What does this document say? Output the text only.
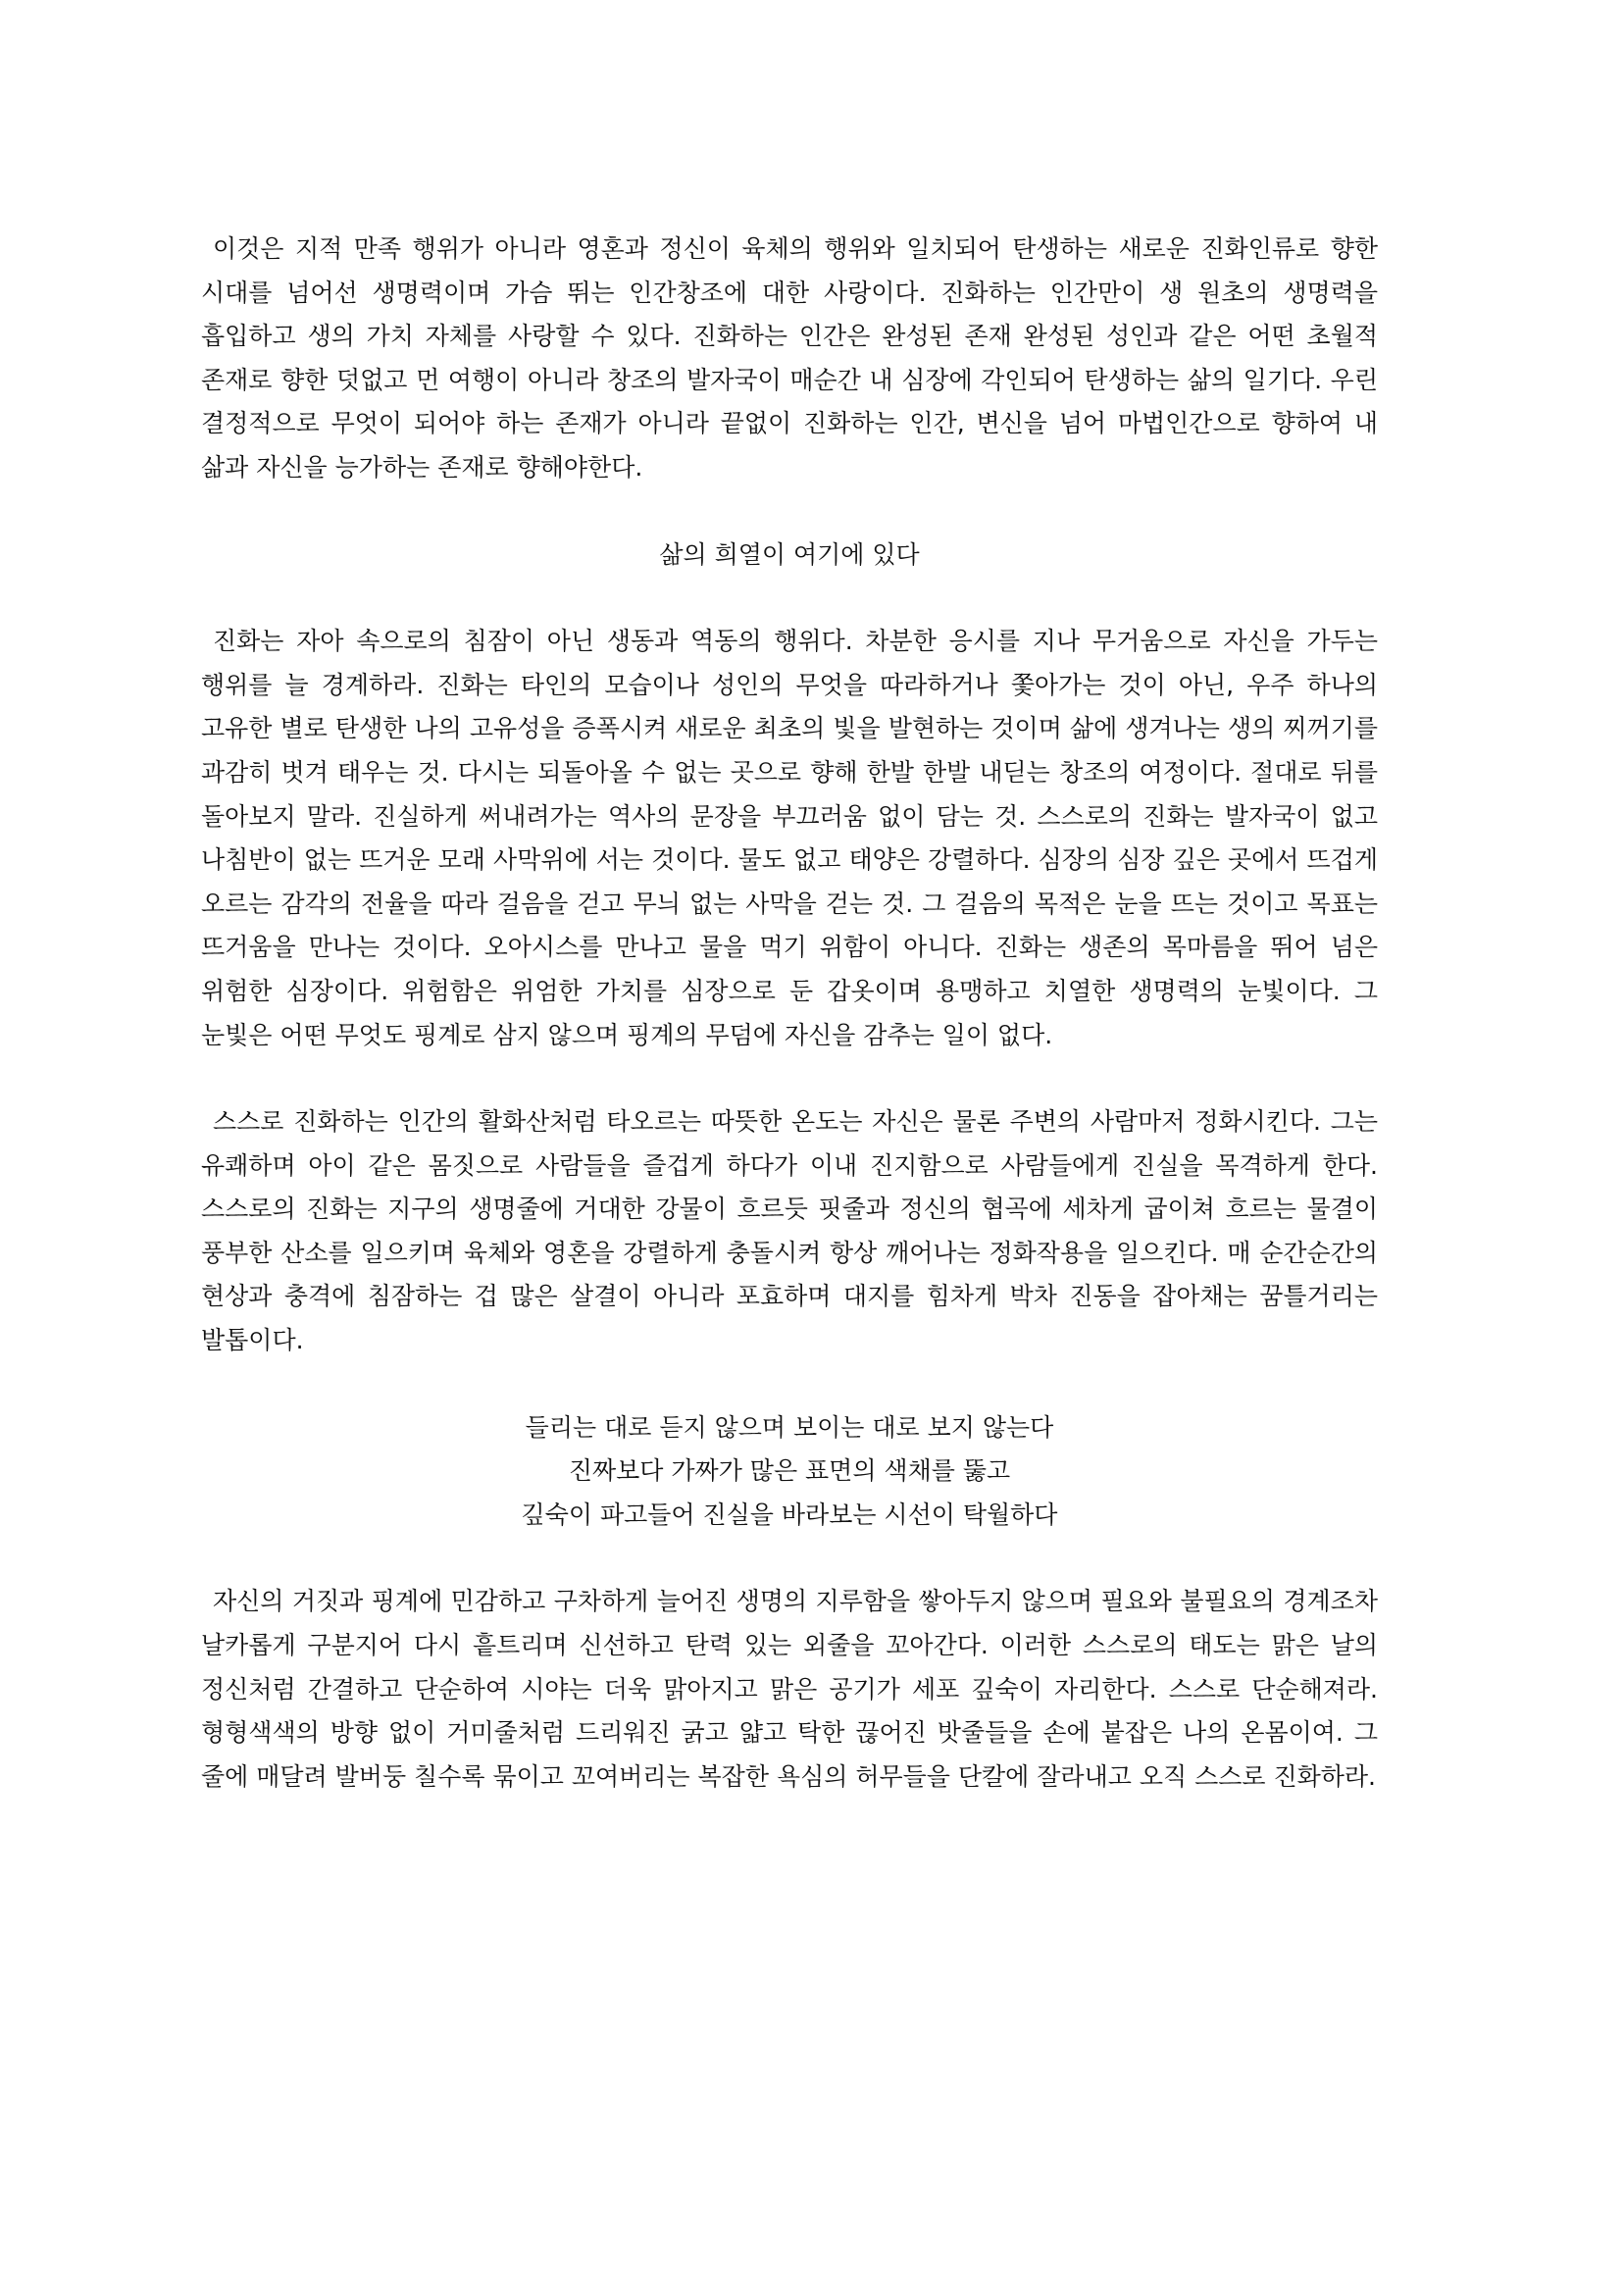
이것은 지적 만족 행위가 아니라 영혼과 정신이 육체의 행위와 일치되어 탄생하는 새로운 진화인류로 향한 시대를 넘어선 생명력이며 가슴 뛰는 인간창조에 대한 사랑이다. 진화하는 인간만이 생 원초의 생명력을 흡입하고 생의 가치 자체를 사랑할 수 있다. 진화하는 인간은 완성된 존재 완성된 성인과 같은 어떤 초월적 존재로 향한 덧없고 먼 여행이 아니라 창조의 발자국이 매순간 내 심장에 각인되어 탄생하는 삶의 일기다. 우린 결정적으로 무엇이 되어야 하는 존재가 아니라 끝없이 진화하는 인간, 변신을 넘어 마법인간으로 향하여 내 삶과 자신을 능가하는 존재로 향해야한다.

삶의 희열이 여기에 있다

진화는 자아 속으로의 침잠이 아닌 생동과 역동의 행위다. 차분한 응시를 지나 무거움으로 자신을 가두는 행위를 늘 경계하라. 진화는 타인의 모습이나 성인의 무엇을 따라하거나 쫓아가는 것이 아닌, 우주 하나의 고유한 별로 탄생한 나의 고유성을 증폭시켜 새로운 최초의 빛을 발현하는 것이며 삶에 생겨나는 생의 찌꺼기를 과감히 벗겨 태우는 것. 다시는 되돌아올 수 없는 곳으로 향해 한발 한발 내딛는 창조의 여정이다. 절대로 뒤를 돌아보지 말라. 진실하게 써내려가는 역사의 문장을 부끄러움 없이 담는 것. 스스로의 진화는 발자국이 없고 나침반이 없는 뜨거운 모래 사막위에 서는 것이다. 물도 없고 태양은 강렬하다. 심장의 심장 깊은 곳에서 뜨겁게 오르는 감각의 전율을 따라 걸음을 걷고 무늬 없는 사막을 걷는 것. 그 걸음의 목적은 눈을 뜨는 것이고 목표는 뜨거움을 만나는 것이다. 오아시스를 만나고 물을 먹기 위함이 아니다. 진화는 생존의 목마름을 뛰어 넘은 위험한 심장이다. 위험함은 위엄한 가치를 심장으로 둔 갑옷이며 용맹하고 치열한 생명력의 눈빛이다. 그 눈빛은 어떤 무엇도 핑계로 삼지 않으며 핑계의 무덤에 자신을 감추는 일이 없다.

스스로 진화하는 인간의 활화산처럼 타오르는 따뜻한 온도는 자신은 물론 주변의 사람마저 정화시킨다. 그는 유쾌하며 아이 같은 몸짓으로 사람들을 즐겁게 하다가 이내 진지함으로 사람들에게 진실을 목격하게 한다. 스스로의 진화는 지구의 생명줄에 거대한 강물이 흐르듯 핏줄과 정신의 협곡에 세차게 굽이쳐 흐르는 물결이 풍부한 산소를 일으키며 육체와 영혼을 강렬하게 충돌시켜 항상 깨어나는 정화작용을 일으킨다. 매 순간순간의 현상과 충격에 침잠하는 겁 많은 살결이 아니라 포효하며 대지를 힘차게 박차 진동을 잡아채는 꿈틀거리는 발톱이다.

들리는 대로 듣지 않으며 보이는 대로 보지 않는다
진짜보다 가짜가 많은 표면의 색채를 뚫고
깊숙이 파고들어 진실을 바라보는 시선이 탁월하다

자신의 거짓과 핑계에 민감하고 구차하게 늘어진 생명의 지루함을 쌓아두지 않으며 필요와 불필요의 경계조차 날카롭게 구분지어 다시 흩트리며 신선하고 탄력 있는 외줄을 꼬아간다. 이러한 스스로의 태도는 맑은 날의 정신처럼 간결하고 단순하여 시야는 더욱 맑아지고 맑은 공기가 세포 깊숙이 자리한다. 스스로 단순해져라. 형형색색의 방향 없이 거미줄처럼 드리워진 굵고 얇고 탁한 끊어진 밧줄들을 손에 붙잡은 나의 온몸이여. 그 줄에 매달려 발버둥 칠수록 묶이고 꼬여버리는 복잡한 욕심의 허무들을 단칼에 잘라내고 오직 스스로 진화하라.
